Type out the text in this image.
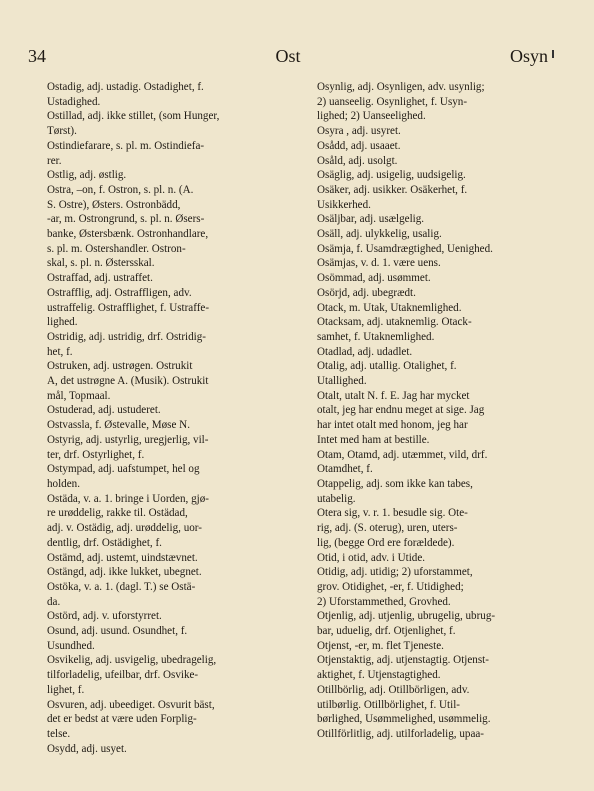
34	Ost	Osyn
Ostadig, adj. ustadig. Ostadighet, f.
Ustadighed.
Ostillad, adj. ikke stillet, (som Hunger,
Tørst).
Ostindiefarare, s. pl. m. Ostindiefa-
rer.
Ostlig, adj. østlig.
Ostra, –on, f. Ostron, s. pl. n. (A.
S. Ostre), Østers. Ostronbädd,
-ar, m. Ostrongrund, s. pl. n. Øsers-
banke, Østersbænk. Ostronhandlare,
s. pl. m. Ostershandler. Ostron-
skal, s. pl. n. Østersskal.
Ostraffad, adj. ustraffet.
Ostrafflig, adj. Ostraffligen, adv.
ustraffelig. Ostrafflighet, f. Ustraffe-
lighed.
Ostridig, adj. ustridig, drf. Ostridig-
het, f.
Ostruken, adj. ustrøgen. Ostrukit
A, det ustrøgne A. (Musik). Ostrukit
mål, Topmaal.
Ostuderad, adj. ustuderet.
Ostvassla, f. Østevalle, Møse N.
Ostyrig, adj. ustyrlig, uregjerlig, vil-
ter, drf. Ostyrlighet, f.
Ostympad, adj. uafstumpet, hel og
holden.
Ostäda, v. a. 1. bringe i Uorden, gjø-
re urøddelig, rakke til. Ostädad,
adj. v. Ostädig, adj. urøddelig, uor-
dentlig, drf. Ostädighet, f.
Ostämd, adj. ustemt, uindstævnet.
Ostängd, adj. ikke lukket, ubegnet.
Ostöka, v. a. 1. (dagl. T.) se Ostä-
da.
Ostörd, adj. v. uforstyrret.
Osund, adj. usund. Osundhet, f.
Usundhed.
Osvikelig, adj. usvigelig, ubedragelig,
tilforladelig, ufeilbar, drf. Osvike-
lighet, f.
Osvuren, adj. ubeediget. Osvurit bäst,
det er bedst at være uden Forplig-
telse.
Osydd, adj. usyet.
Osynlig, adj. Osynligen, adv. usynlig;
2) uanseelig. Osynlighet, f. Usyn-
lighed; 2) Uanseelighed.
Osyra , adj. usyret.
Osådd, adj. usaaet.
Osåld, adj. usolgt.
Osäglig, adj. usigelig, uudsigelig.
Osäker, adj. usikker. Osäkerhet, f.
Usikkerhed.
Osäljbar, adj. usælgelig.
Osäll, adj. ulykkelig, usalig.
Osämja, f. Usamdrægtighed, Uenighed.
Osämjas, v. d. 1. være uens.
Osömmad, adj. usømmet.
Osörjd, adj. ubegrædt.
Otack, m. Utak, Utaknemlighed.
Otacksam, adj. utaknemlig. Otack-
samhet, f. Utaknemlighed.
Otadlad, adj. udadlet.
Otalig, adj. utallig. Otalighet, f.
Utallighed.
Otalt, utalt N. f. E. Jag har mycket
otalt, jeg har endnu meget at sige. Jag
har intet otalt med honom, jeg har
Intet med ham at bestille.
Otam, Otamd, adj. utæmmet, vild, drf.
Otamdhet, f.
Otappelig, adj. som ikke kan tabes,
utabelig.
Otera sig, v. r. 1. besudle sig. Ote-
rig, adj. (S. oterug), uren, uters-
lig, (begge Ord ere forældede).
Otid, i otid, adv. i Utide.
Otidig, adj. utidig; 2) uforstammet,
grov. Otidighet, -er, f. Utidighed;
2) Uforstammethed, Grovhed.
Otjenlig, adj. utjenlig, ubrugelig, ubrug-
bar, uduelig, drf. Otjenlighet, f.
Otjenst, -er, m. flet Tjeneste.
Otjenstaktig, adj. utjenstagtig. Otjenst-
aktighet, f. Utjenstagtighed.
Otillbörlig, adj. Otillbörligen, adv.
utilbørlig. Otillbörlighet, f. Util-
børlighed, Usømmelighed, usømmelig.
Otillförlitlig, adj. utilforladelig, upaa-
